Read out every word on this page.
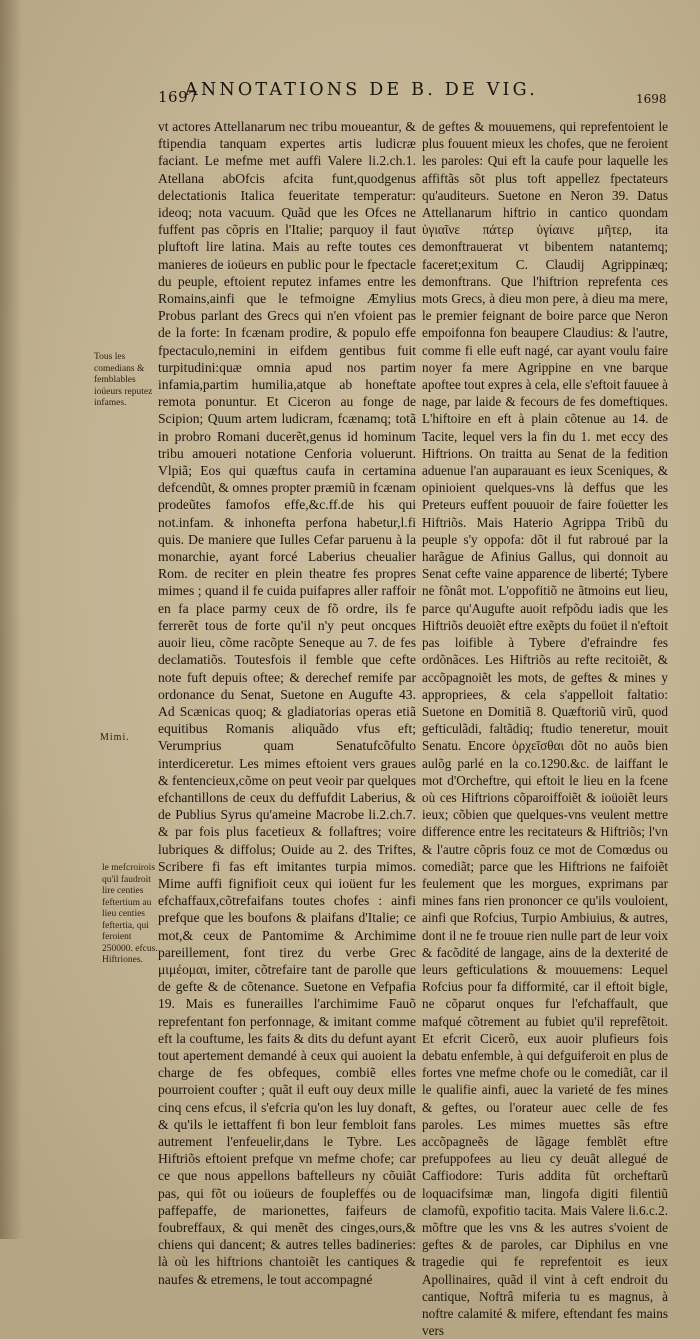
1697
ANNOTATIONS DE B. DE VIG.	1698
Tous les comedians & femblables ioüeurs reputez infames.
Mimi.
le mefcroirois qu'il faudroit lire centies feftertium au lieu centies feftertia, qui feroient 250000. efcus. Hiftriones.

vt actores Attellanarum nec tribu moueantur, & ftipendia tanquam expertes artis ludicræ faciant. Le mefme met auffi Valere li.2.ch.1. Atellana abOfcis afcita funt,quodgenus delectationis Italica feueritate temperatur: ideoq; nota vacuum. Quãd que les Ofces ne fuffent pas cõpris en l'Italie; parquoy il faut pluftoft lire latina. Mais au refte toutes ces manieres de ioüeurs en public pour le fpectacle du peuple, eftoient reputez infames entre les Romains,ainfi que le tefmoigne Æmylius Probus parlant des Grecs qui n'en vfoient pas de la forte: In fcænam prodire, & populo effe fpectaculo,nemini in eifdem gentibus fuit turpitudini:quæ omnia apud nos partim infamia,partim humilia,atque ab honeftate remota ponuntur. Et Ciceron au fonge de Scipion; Quum artem ludicram, fcænamq; totã in probro Romani ducerẽt,genus id hominum tribu amoueri notatione Cenforia voluerunt. Vlpiã; Eos qui quæftus caufa in certamina defcendũt, & omnes propter præmiũ in fcænam prodeũtes famofos effe,&c.ff.de his qui not.infam. & inhonefta perfona habetur,l.fi quis. De maniere que Iulles Cefar paruenu à la monarchie, ayant forcé Laberius cheualier Rom. de reciter en plein theatre fes propres mimes ; quand il fe cuida puifapres aller raffoir en fa place parmy ceux de fõ ordre, ils fe ferrerẽt tous de forte qu'il n'y peut oncques auoir lieu, cõme racõpte Seneque au 7. de fes declamatiõs. Toutesfois il femble que cefte note fuft depuis oftee; & derechef remife par ordonance du Senat, Suetone en Augufte 43. Ad Scænicas quoq; & gladiatorias operas etiã equitibus Romanis aliquãdo vfus eft; Verumprius quam Senatufcõfulto interdiceretur. Les mimes eftoient vers graues & fentencieux,cõme on peut veoir par quelques efchantillons de ceux du deffufdit Laberius, & de Publius Syrus qu'ameine Macrobe li.2.ch.7. & par fois plus facetieux & follaftres; voire lubriques & diffolus; Ouide au 2. des Triftes, Scribere fi fas eft imitantes turpia mimos. Mime auffi fignifioit ceux qui ioüent fur les efchaffaux,cõtrefaifans toutes chofes : ainfi prefque que les boufons & plaifans d'Italie; ce mot,& ceux de Pantomime & Archimime pareillement, font tirez du verbe Grec μιμέομαι, imiter, cõtrefaire tant de parolle que de gefte & de cõtenance. Suetone en Vefpafia 19. Mais es funerailles l'archimime Fauõ reprefentant fon perfonnage, & imitant comme eft la couftume, les faits & dits du defunt ayant tout apertement demandé à ceux qui auoient la charge de fes obfeques, combiẽ elles pourroient coufter ; quãt il euft ouy deux mille cinq cens efcus, il s'efcria qu'on les luy donaft, & qu'ils le iettaffent fi bon leur fembloit fans autrement l'enfeuelir,dans le Tybre. Les Hiftriõs eftoient prefque vn mefme chofe; car ce que nous appellons baftelleurs ny cõuiãt pas, qui fõt ou ioüeurs de foupleffes ou de paffepaffe, de marionettes, faifeurs de foubreffaux, & qui menẽt des cinges,ours,& chiens qui dancent; & autres telles badineries: là où les hiftrions chantoiẽt les cantiques & naufes & etremens, le tout accompagné

de geftes & mouuemens, qui reprefentoient le plus fouuent mieux les chofes, que ne feroient les paroles: Qui eft la caufe pour laquelle les affiftãs sõt plus toft appellez fpectateurs qu'auditeurs. Suetone en Neron 39. Datus Attellanarum hiftrio in cantico quondam ὑγιαῖνε πάτερ ὑγίαινε μῆτερ, ita demonftrauerat vt bibentem natantemq; faceret;exitum C. Claudij Agrippinæq; demonftrans. Que l'hiftrion reprefenta ces mots Grecs, à dieu mon pere, à dieu ma mere, le premier feignant de boire parce que Neron empoifonna fon beaupere Claudius: & l'autre, comme fi elle euft nagé, car ayant voulu faire noyer fa mere Agrippine en vne barque apoftee tout expres à cela, elle s'eftoit fauuee à nage, par laide & fecours de fes domeftiques. L'hiftoire en eft à plain cõtenue au 14. de Tacite, lequel vers la fin du 1. met eccy des Hiftrions. On traitta au Senat de la fedition aduenue l'an auparauant es ieux Sceniques, & opinioient quelques-vns là deffus que les Preteurs euffent pouuoir de faire foüetter les Hiftriõs. Mais Haterio Agrippa Tribũ du peuple s'y oppofa: dõt il fut rabroué par la harãgue de Afinius Gallus, qui donnoit au Senat cefte vaine apparence de liberté; Tybere ne fõnât mot. L'oppofitiõ ne ãtmoins eut lieu, parce qu'Augufte auoit refpõdu iadis que les Hiftriõs deuoiẽt eftre exẽpts du foüet il n'eftoit pas loifible à Tybere d'efraindre fes ordõnãces. Les Hiftriõs au refte recitoiẽt, & accõpagnoiẽt les mots, de geftes & mines y appropriees, & cela s'appelloit faltatio: Suetone en Domitiã 8. Quæftoriũ virũ, quod gefticulãdi, faltãdiq; ftudio teneretur, mouit Senatu. Encore ὀρχεῖσθαι dõt no auõs bien aulõg parlé en la co.1290.&c. de laiffant le mot d'Orcheftre, qui eftoit le lieu en la fcene où ces Hiftrions cõparoiffoiẽt & ioüoiẽt leurs ieux; cõbien que quelques-vns veulent mettre difference entre les recitateurs & Hiftriõs; l'vn & l'autre cõpris fouz ce mot de Comœdus ou comediãt; parce que les Hiftrions ne faifoiẽt feulement que les morgues, exprimans par mines fans rien prononcer ce qu'ils vouloient, ainfi que Rofcius, Turpio Ambiuius, & autres, dont il ne fe trouue rien nulle part de leur voix & facõdité de langage, ains de la dexterité de leurs gefticulations & mouuemens: Lequel Rofcius pour fa difformité, car il eftoit bigle, ne cõparut onques fur l'efchaffault, que mafqué cõtrement au fubiet qu'il reprefẽtoit. Et efcrit Cicerõ, eux auoir plufieurs fois debatu enfemble, à qui defguiferoit en plus de fortes vne mefme chofe ou le comediãt, car il le qualifie ainfi, auec la varieté de fes mines & geftes, ou l'orateur auec celle de fes paroles. Les mimes muettes sãs eftre accõpagneẽs de lãgage femblẽt eftre prefuppofees au lieu cy deuãt allegué de Caffiodore: Turis addita fũt orcheftarũ loquacifsimæ man, lingofa digiti filentiũ clamofũ, expofitio tacita. Mais Valere li.6.c.2. mõftre que les vns & les autres s'voient de geftes & de paroles, car Diphilus en vne tragedie qui fe reprefentoit es ieux Apollinaires, quãd il vint à ceft endroit du cantique, Noftrâ miferia tu es magnus, à noftre calamité & mifere, eftendant fes mains vers
